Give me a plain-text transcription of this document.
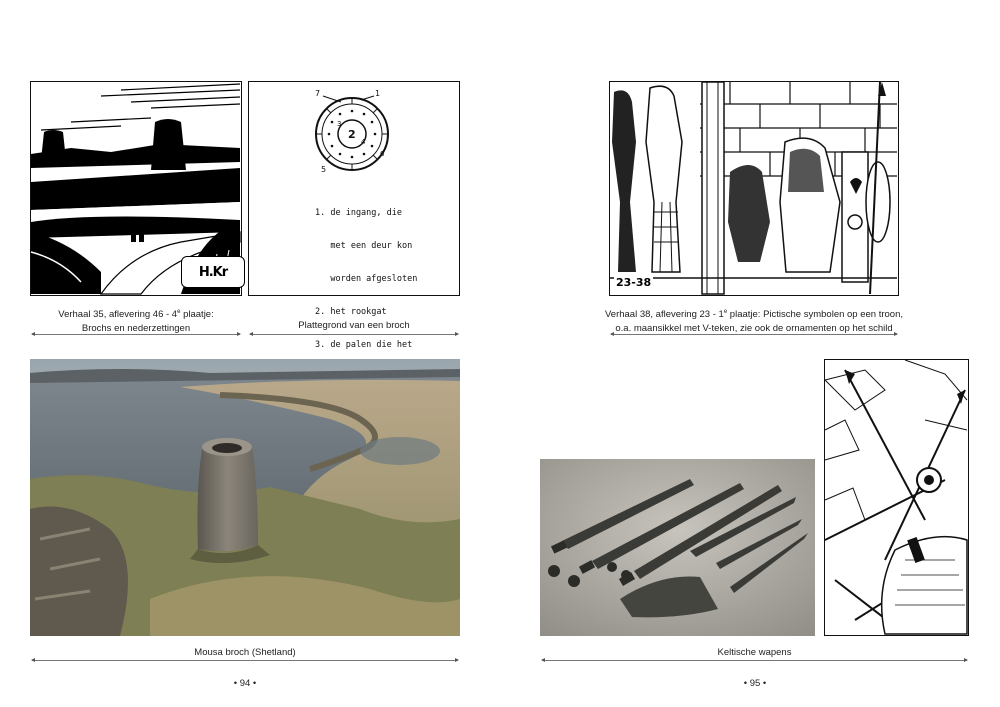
H.Kr
2
7	1
3
5
4
6

1. de ingang, die

met een deur kon

worden afgesloten

2. het rookgat

3. de palen die het

Verhaal 35, aflevering 46 - 4e plaatje:
Brochs en nederzettingen	Plattegrond van een broch
Mousa broch (Shetland)
• 94 •
23-38
Verhaal 38, aflevering 23 - 1e plaatje: Pictische symbolen op een troon,
o.a. maansikkel met V-teken, zie ook de ornamenten op het schild
Keltische wapens
• 95 •
